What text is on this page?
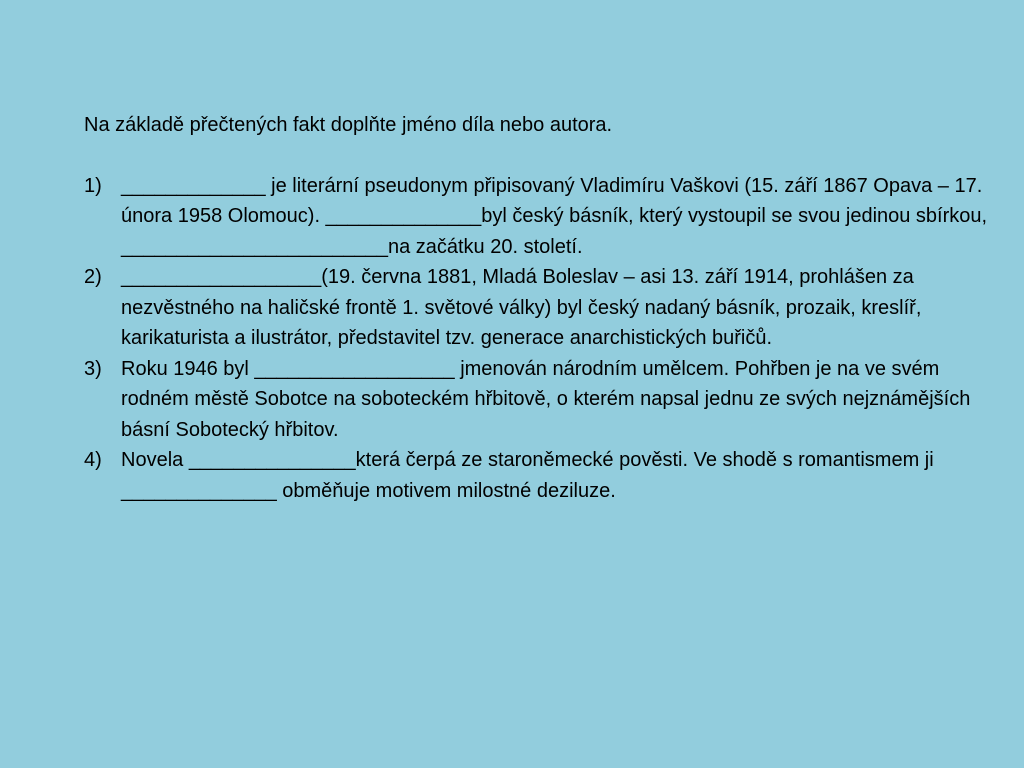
Na základě přečtených fakt doplňte jméno díla nebo autora.

1) _____________ je literární pseudonym připisovaný Vladimíru Vaškovi (15. září 1867 Opava – 17. února 1958 Olomouc). ______________byl český básník, který vystoupil se svou jedinou sbírkou, ________________________na začátku 20. století.
2) __________________(19. června 1881, Mladá Boleslav – asi 13. září 1914, prohlášen za nezvěstného na haličské frontě 1. světové války) byl český nadaný básník, prozaik, kreslíř, karikaturista a ilustrátor, představitel tzv. generace anarchistických buřičů.
3) Roku 1946 byl __________________ jmenován národním umělcem. Pohřben je na ve svém rodném městě Sobotce na soboteckém hřbitově, o kterém napsal jednu ze svých nejznámějších básní Sobotecký hřbitov.
4) Novela _______________která čerpá ze staroněmecké pověsti. Ve shodě s romantismem ji ______________ obměňuje motivem milostné deziluze.
